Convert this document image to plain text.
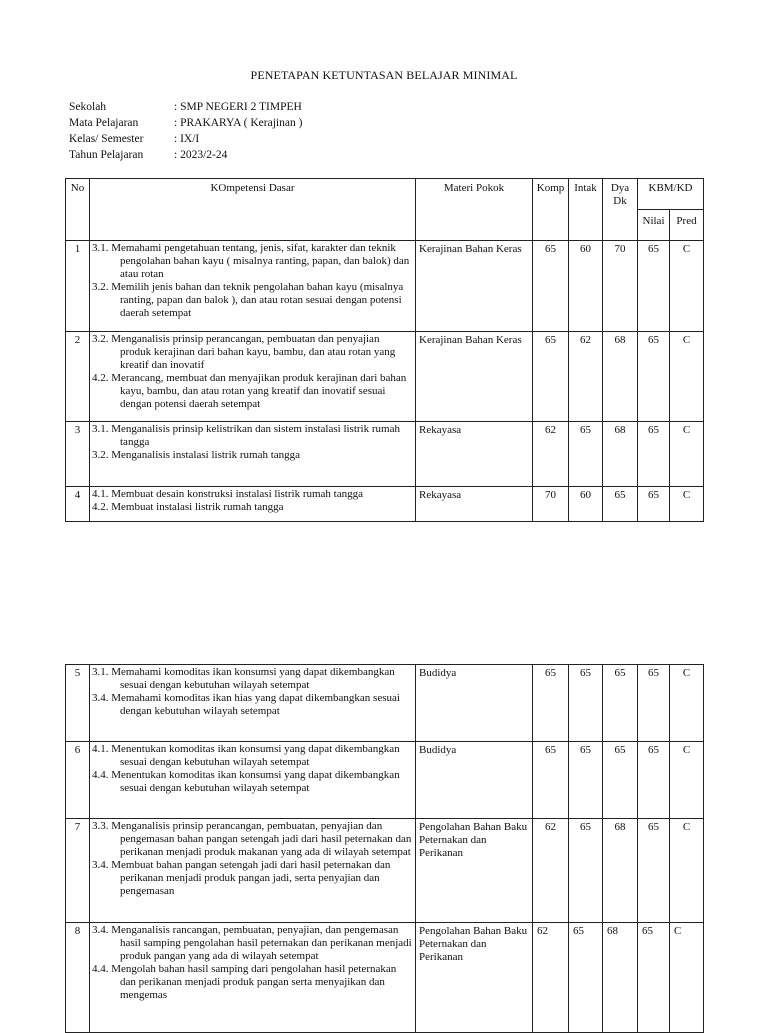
PENETAPAN KETUNTASAN BELAJAR MINIMAL
Sekolah	: SMP NEGERI 2 TIMPEH
Mata Pelajaran	: PRAKARYA ( Kerajinan )
Kelas/ Semester	: IX/I
Tahun Pelajaran	: 2023/2-24
No	KOmpetensi Dasar	Materi Pokok	Komp	Intak	Dya Dk	KBM/KD	
						Nilai	Pred
1	3.1. Memahami pengetahuan tentang, jenis, sifat, karakter dan teknik pengolahan bahan kayu ( misalnya ranting, papan, dan balok) dan atau rotan
3.2. Memilih jenis bahan dan teknik pengolahan bahan kayu (misalnya ranting, papan dan balok ), dan atau rotan sesuai dengan potensi daerah setempat	Kerajinan Bahan Keras	65	60	70	65	C
2	3.2. Menganalisis prinsip perancangan, pembuatan dan penyajian produk kerajinan dari bahan kayu, bambu, dan atau rotan yang kreatif dan inovatif
4.2. Merancang, membuat dan menyajikan produk kerajinan dari bahan kayu, bambu, dan atau rotan yang kreatif dan inovatif sesuai dengan potensi daerah setempat	Kerajinan Bahan Keras	65	62	68	65	C
3	3.1. Menganalisis prinsip kelistrikan dan sistem instalasi listrik rumah tangga
3.2. Menganalisis instalasi listrik rumah tangga	Rekayasa	62	65	68	65	C
4	4.1. Membuat desain konstruksi instalasi listrik rumah tangga
4.2. Membuat instalasi listrik rumah tangga	Rekayasa	70	60	65	65	C
5	3.1. Memahami komoditas ikan konsumsi yang dapat dikembangkan sesuai dengan kebutuhan wilayah setempat
3.4. Memahami komoditas ikan hias yang dapat dikembangkan sesuai dengan kebutuhan wilayah setempat	Budidya	65	65	65	65	C
6	4.1. Menentukan komoditas ikan konsumsi yang dapat dikembangkan sesuai dengan kebutuhan wilayah setempat
4.4. Menentukan komoditas ikan konsumsi yang dapat dikembangkan sesuai dengan kebutuhan wilayah setempat	Budidya	65	65	65	65	C
7	3.3. Menganalisis prinsip perancangan, pembuatan, penyajian dan pengemasan bahan pangan setengah jadi dari hasil peternakan dan perikanan menjadi produk makanan yang ada di wilayah setempat
3.4. Membuat bahan pangan setengah jadi dari hasil peternakan dan perikanan menjadi produk pangan jadi, serta penyajian dan pengemasan	Pengolahan Bahan Baku Peternakan dan Perikanan	62	65	68	65	C
8	3.4. Menganalisis rancangan, pembuatan, penyajian, dan pengemasan hasil samping pengolahan hasil peternakan dan perikanan menjadi produk pangan yang ada di wilayah setempat
4.4. Mengolah bahan hasil samping dari pengolahan hasil peternakan dan perikanan menjadi produk pangan serta menyajikan dan mengemas	Pengolahan Bahan Baku Peternakan dan Perikanan	62	65	68	65	C
